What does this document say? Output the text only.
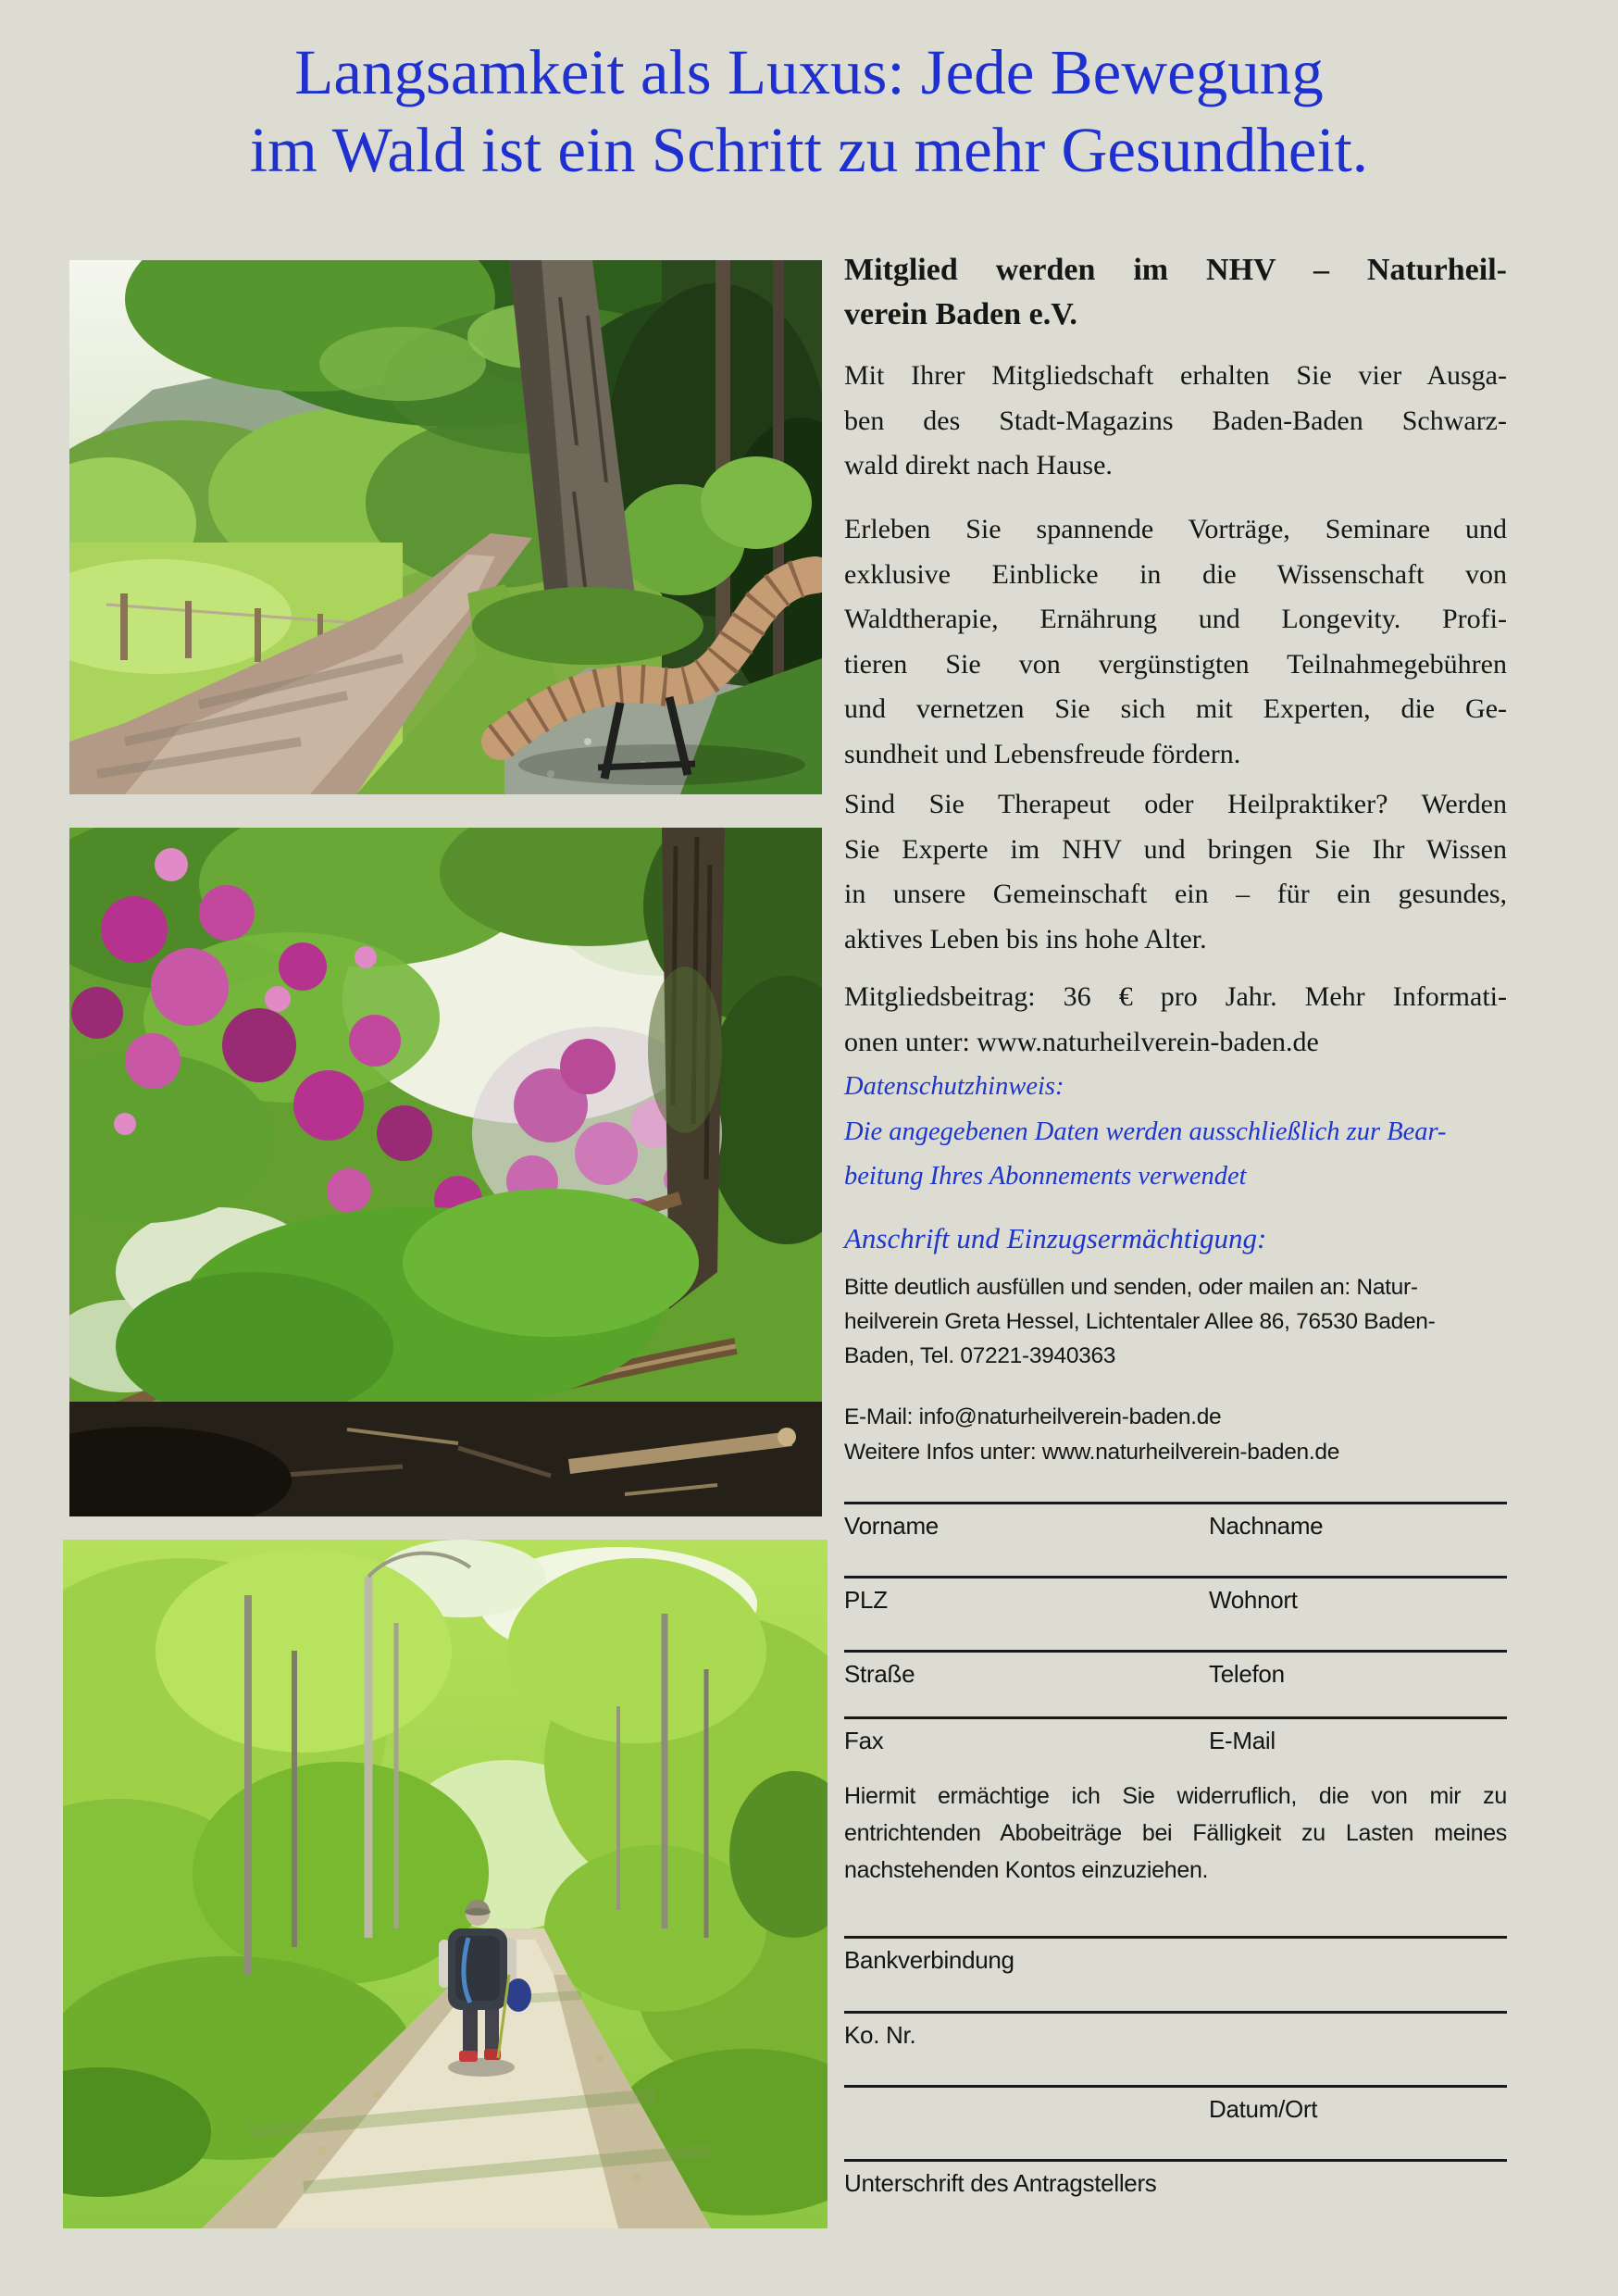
Langsamkeit als Luxus: Jede Bewegung
im Wald ist ein Schritt zu mehr Gesundheit.
Mitglied werden im NHV – Naturheil-
verein Baden e.V.
Mit Ihrer Mitgliedschaft erhalten Sie vier Ausga-
ben des Stadt-Magazins Baden-Baden Schwarz-
wald direkt nach Hause.
Erleben Sie spannende Vorträge, Seminare und
exklusive Einblicke in die Wissenschaft von
Waldtherapie, Ernährung und Longevity. Profi-
tieren Sie von vergünstigten Teilnahmegebühren
und vernetzen Sie sich mit Experten, die Ge-
sundheit und Lebensfreude fördern.
Sind Sie Therapeut oder Heilpraktiker? Werden
Sie Experte im NHV und bringen Sie Ihr Wissen
in unsere Gemeinschaft ein – für ein gesundes,
aktives Leben bis ins hohe Alter.
Mitgliedsbeitrag: 36 € pro Jahr. Mehr Informati-
onen unter: www.naturheilverein-baden.de
Datenschutzhinweis:
Die angegebenen Daten werden ausschließlich zur Bear-
beitung Ihres Abonnements verwendet
Anschrift und Einzugsermächtigung:
Bitte deutlich ausfüllen und senden, oder mailen an: Natur-
heilverein Greta Hessel, Lichtentaler Allee 86, 76530 Baden-
Baden, Tel. 07221-3940363
E-Mail: info@naturheilverein-baden.de
Weitere Infos unter: www.naturheilverein-baden.de
Vorname	Nachname
PLZ	Wohnort
Straße	Telefon
Fax	E-Mail
Hiermit ermächtige ich Sie widerruflich, die von mir zu
entrichtenden Abobeiträge bei Fälligkeit zu Lasten meines
nachstehenden Kontos einzuziehen.
Bankverbindung
Ko. Nr.
Datum/Ort
Unterschrift des Antragstellers
